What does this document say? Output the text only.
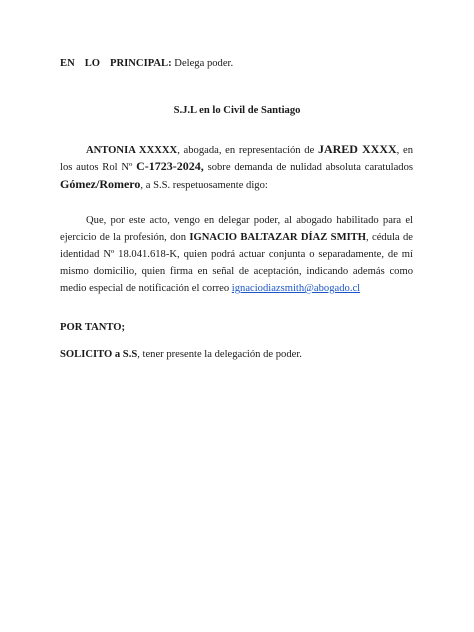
EN LO PRINCIPAL: Delega poder.
S.J.L en lo Civil de Santiago
ANTONIA XXXXX, abogada, en representación de JARED XXXX, en
los autos Rol Nº C-1723-2024, sobre demanda de nulidad absoluta caratulados
Gómez/Romero, a S.S. respetuosamente digo:
Que, por este acto, vengo en delegar poder, al abogado habilitado para el
ejercicio de la profesión, don IGNACIO BALTAZAR DÍAZ SMITH, cédula de
identidad Nº 18.041.618-K, quien podrá actuar conjunta o separadamente, de mí
mismo domicilio, quien firma en señal de aceptación, indicando además como
medio especial de notificación el correo ignaciodiazsmith@abogado.cl
POR TANTO;
SOLICITO a S.S, tener presente la delegación de poder.
